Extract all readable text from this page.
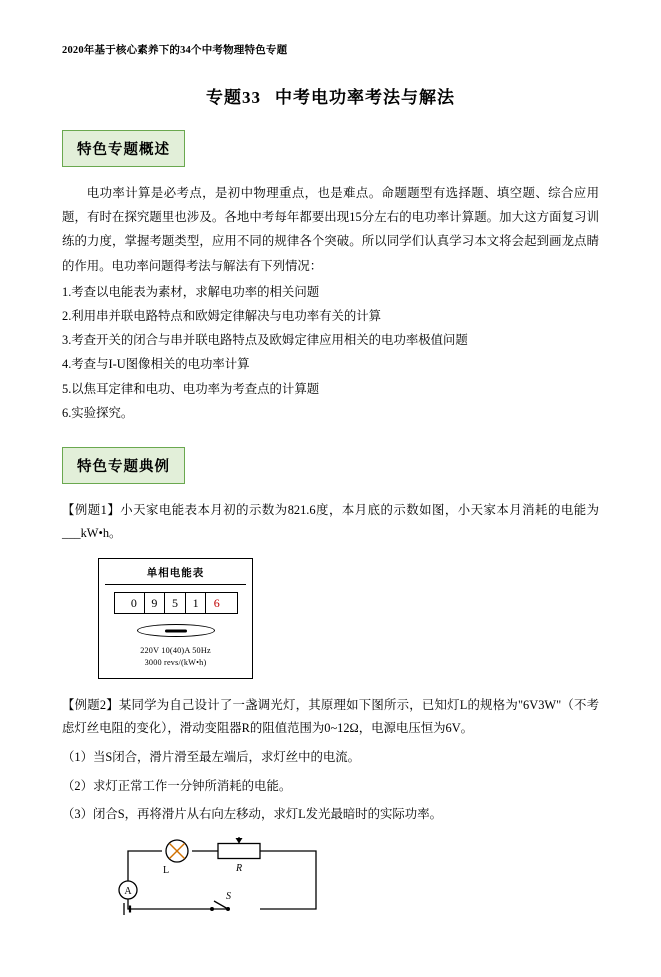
2020年基于核心素养下的34个中考物理特色专题
专题33 中考电功率考法与解法
特色专题概述
电功率计算是必考点，是初中物理重点，也是难点。命题题型有选择题、填空题、综合应用题，有时在探究题里也涉及。各地中考每年都要出现15分左右的电功率计算题。加大这方面复习训练的力度，掌握考题类型，应用不同的规律各个突破。所以同学们认真学习本文将会起到画龙点睛的作用。电功率问题得考法与解法有下列情况：
1.考查以电能表为素材，求解电功率的相关问题
2.利用串并联电路特点和欧姆定律解决与电功率有关的计算
3.考查开关的闭合与串并联电路特点及欧姆定律应用相关的电功率极值问题
4.考查与I-U图像相关的电功率计算
5.以焦耳定律和电功、电功率为考查点的计算题
6.实验探究。
特色专题典例
【例题1】小天家电能表本月初的示数为821.6度，本月底的示数如图，小天家本月消耗的电能为___kW•h。
单相电能表
0	9	5	1	6
220V 10(40)A 50Hz
3000 revs/(kW•h)
【例题2】某同学为自己设计了一盏调光灯，其原理如下图所示，已知灯L的规格为"6V3W"（不考虑灯丝电阻的变化），滑动变阻器R的阻值范围为0~12Ω，电源电压恒为6V。
（1）当S闭合，滑片滑至最左端后，求灯丝中的电流。
（2）求灯正常工作一分钟所消耗的电能。
（3）闭合S，再将滑片从右向左移动，求灯L发光最暗时的实际功率。
A
L	R
S
